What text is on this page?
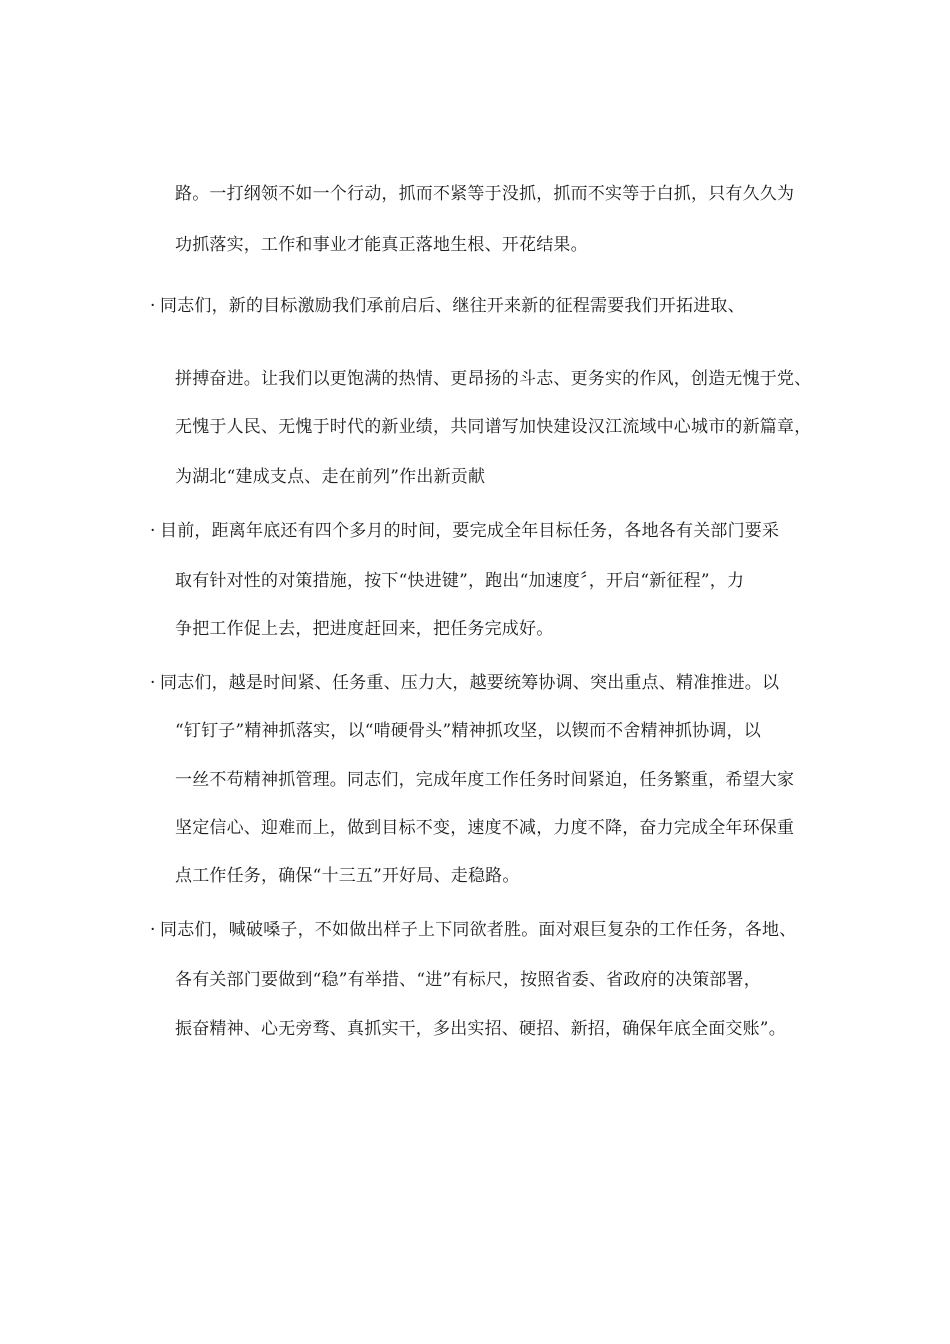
路。一打纲领不如一个行动，抓而不紧等于没抓，抓而不实等于白抓，只有久久为
功抓落实，工作和事业才能真正落地生根、开花结果。
· 同志们，新的目标激励我们承前启后、继往开来新的征程需要我们开拓进取、
拼搏奋进。让我们以更饱满的热情、更昂扬的斗志、更务实的作风，创造无愧于党、
无愧于人民、无愧于时代的新业绩，共同谱写加快建设汉江流域中心城市的新篇章，
为湖北“建成支点、走在前列”作出新贡献
· 目前，距离年底还有四个多月的时间，要完成全年目标任务，各地各有关部门要采
取有针对性的对策措施，按下“快进键”，跑出“加速度〞，开启“新征程”，力
争把工作促上去，把进度赶回来，把任务完成好。
· 同志们，越是时间紧、任务重、压力大，越要统筹协调、突出重点、精准推进。以
“钉钉子”精神抓落实，以“啃硬骨头”精神抓攻坚，以锲而不舍精神抓协调，以
一丝不苟精神抓管理。同志们，完成年度工作任务时间紧迫，任务繁重，希望大家
坚定信心、迎难而上，做到目标不变，速度不减，力度不降，奋力完成全年环保重
点工作任务，确保“十三五”开好局、走稳路。
· 同志们，喊破嗓子，不如做出样子上下同欲者胜。面对艰巨复杂的工作任务，各地、
各有关部门要做到“稳”有举措、“进”有标尺，按照省委、省政府的决策部署，
振奋精神、心无旁骛、真抓实干，多出实招、硬招、新招，确保年底全面交账”。
